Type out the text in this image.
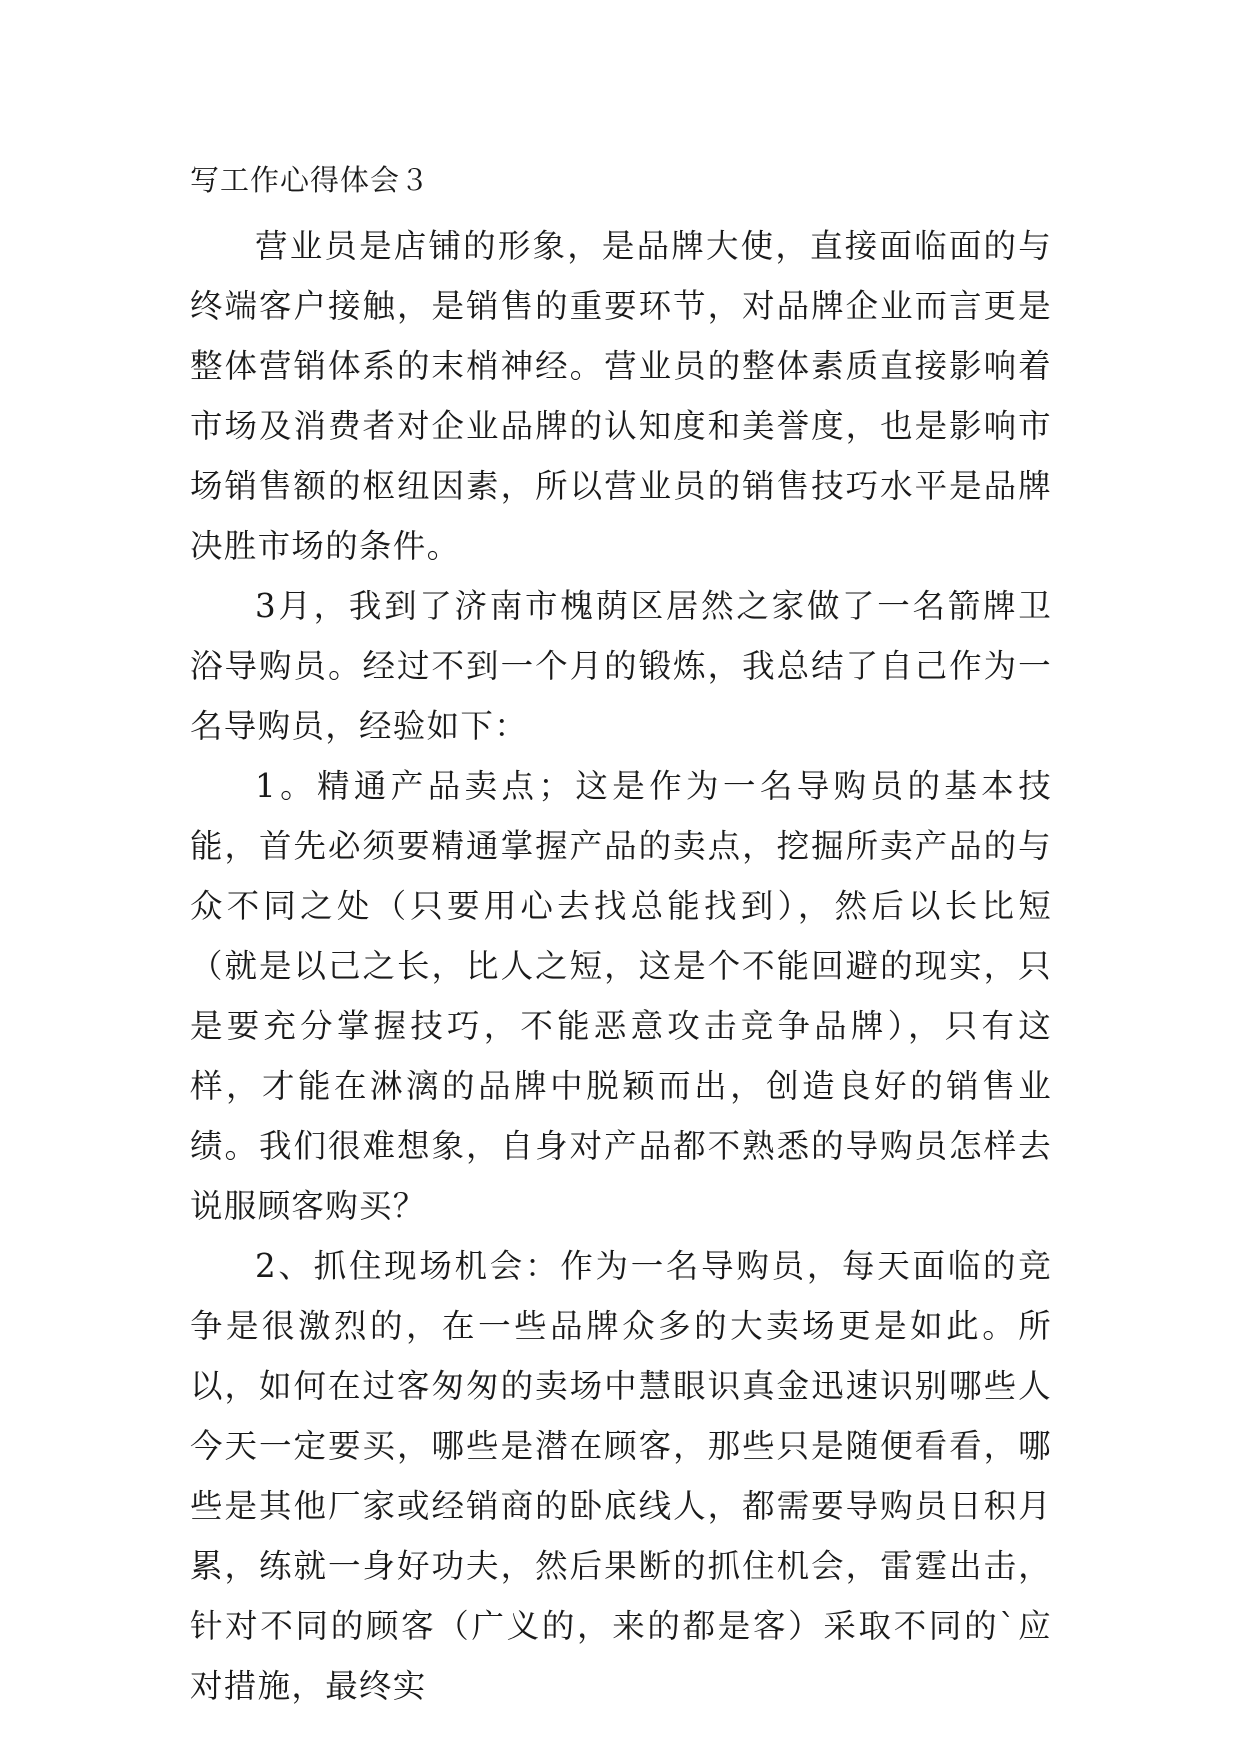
写工作心得体会３

营业员是店铺的形象，是品牌大使，直接面临面的与终端客户接触，是销售的重要环节，对品牌企业而言更是整体营销体系的末梢神经。营业员的整体素质直接影响着市场及消费者对企业品牌的认知度和美誉度，也是影响市场销售额的枢纽因素，所以营业员的销售技巧水平是品牌决胜市场的条件。

3月，我到了济南市槐荫区居然之家做了一名箭牌卫浴导购员。经过不到一个月的锻炼，我总结了自己作为一名导购员，经验如下：

1。精通产品卖点；这是作为一名导购员的基本技能，首先必须要精通掌握产品的卖点，挖掘所卖产品的与众不同之处（只要用心去找总能找到），然后以长比短（就是以己之长，比人之短，这是个不能回避的现实，只是要充分掌握技巧，不能恶意攻击竞争品牌），只有这样，才能在淋漓的品牌中脱颖而出，创造良好的销售业绩。我们很难想象，自身对产品都不熟悉的导购员怎样去说服顾客购买？

2、抓住现场机会：作为一名导购员，每天面临的竞争是很激烈的，在一些品牌众多的大卖场更是如此。所以，如何在过客匆匆的卖场中慧眼识真金迅速识别哪些人今天一定要买，哪些是潜在顾客，那些只是随便看看，哪些是其他厂家或经销商的卧底线人，都需要导购员日积月累，练就一身好功夫，然后果断的抓住机会，雷霆出击，针对不同的顾客（广义的，来的都是客）采取不同的`应对措施，最终实
